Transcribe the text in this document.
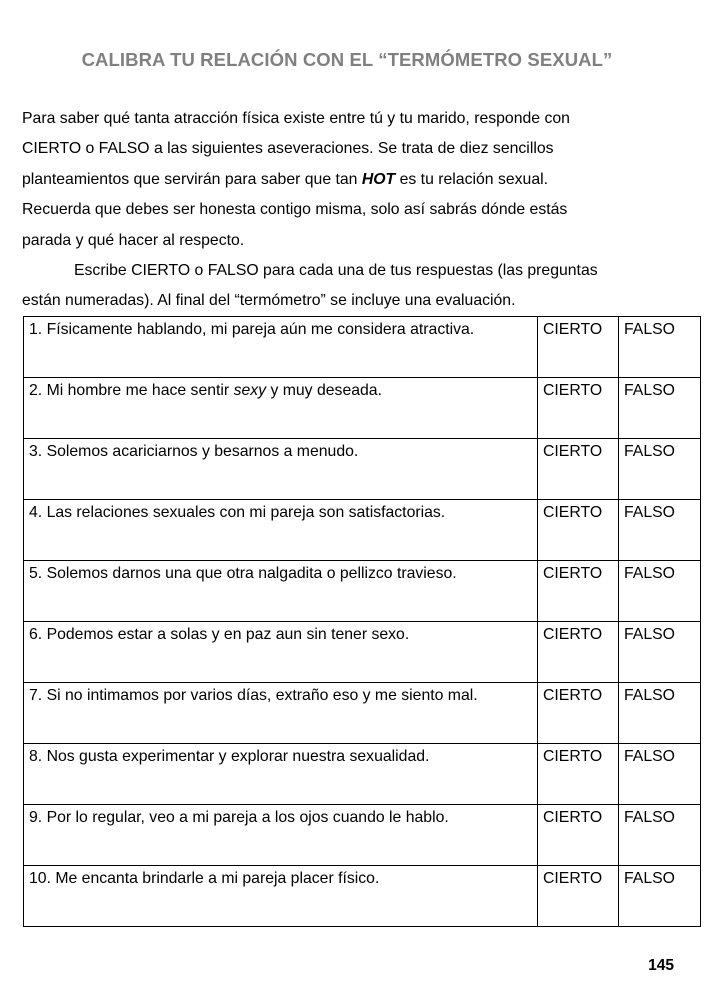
CALIBRA TU RELACIÓN CON EL “TERMÓMETRO SEXUAL”
Para saber qué tanta atracción física existe entre tú y tu marido, responde con
CIERTO o FALSO a las siguientes aseveraciones. Se trata de diez sencillos
planteamientos que servirán para saber que tan HOT es tu relación sexual.
Recuerda que debes ser honesta contigo misma, solo así sabrás dónde estás
parada y qué hacer al respecto.
Escribe CIERTO o FALSO para cada una de tus respuestas (las preguntas
están numeradas). Al final del “termómetro” se incluye una evaluación.
1. Físicamente hablando, mi pareja aún me considera atractiva.	CIERTO	FALSO
2. Mi hombre me hace sentir sexy y muy deseada.	CIERTO	FALSO
3. Solemos acariciarnos y besarnos a menudo.	CIERTO	FALSO
4. Las relaciones sexuales con mi pareja son satisfactorias.	CIERTO	FALSO
5. Solemos darnos una que otra nalgadita o pellizco travieso.	CIERTO	FALSO
6. Podemos estar a solas y en paz aun sin tener sexo.	CIERTO	FALSO
7. Si no intimamos por varios días, extraño eso y me siento mal.	CIERTO	FALSO
8. Nos gusta experimentar y explorar nuestra sexualidad.	CIERTO	FALSO
9. Por lo regular, veo a mi pareja a los ojos cuando le hablo.	CIERTO	FALSO
10. Me encanta brindarle a mi pareja placer físico.	CIERTO	FALSO
145
